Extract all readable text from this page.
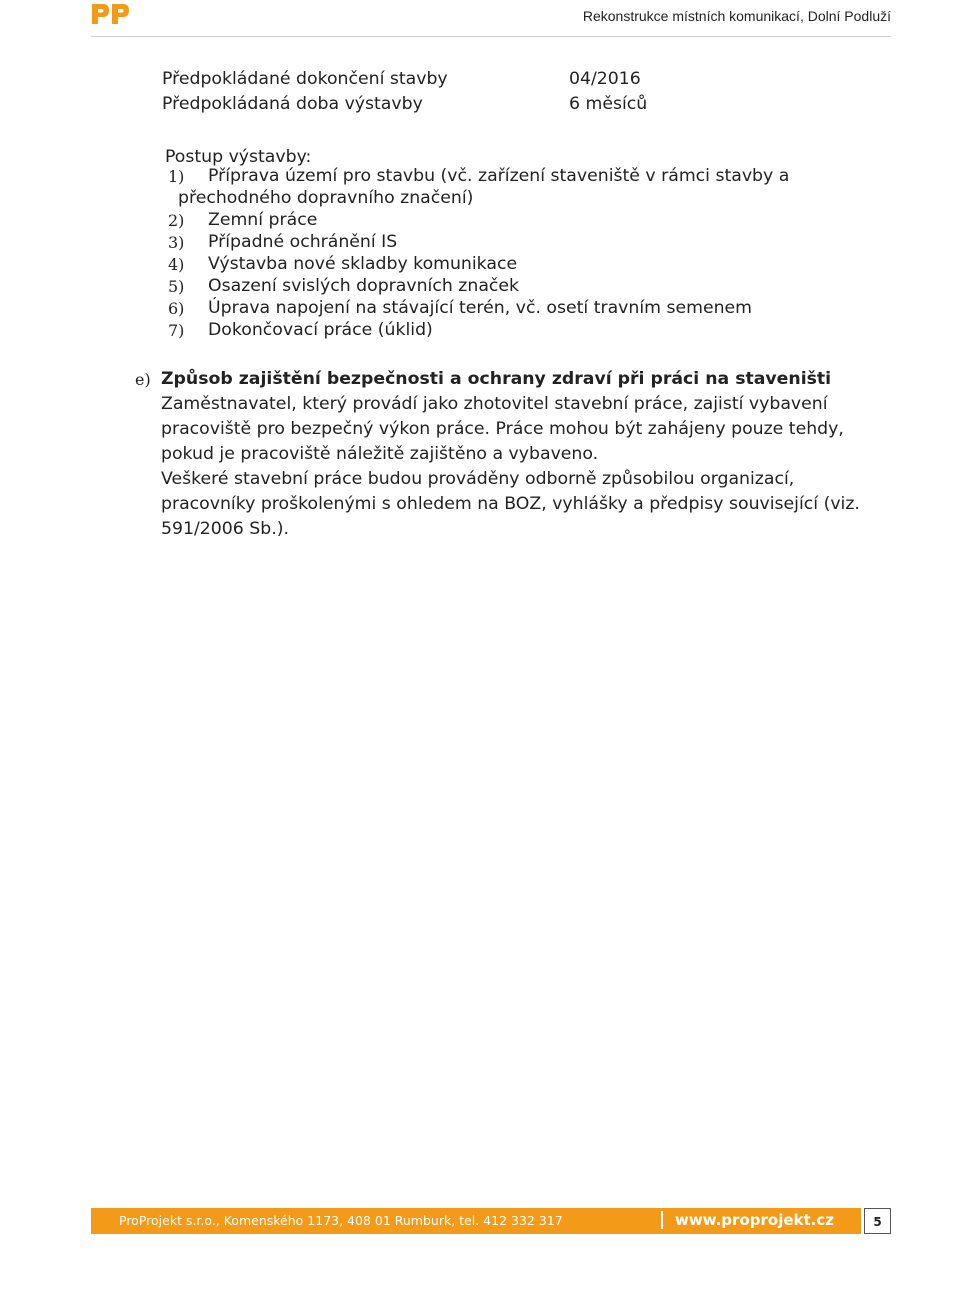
Rekonstrukce místních komunikací, Dolní Podluží
Předpokládané dokončení stavby	04/2016
Předpokládaná doba výstavby	6 měsíců
Postup výstavby:
1) Příprava území pro stavbu (vč. zařízení staveniště v rámci stavby a
přechodného dopravního značení)
2) Zemní práce
3) Případné ochránění IS
4) Výstavba nové skladby komunikace
5) Osazení svislých dopravních značek
6) Úprava napojení na stávající terén, vč. osetí travním semenem
7) Dokončovací práce (úklid)
e) Způsob zajištění bezpečnosti a ochrany zdraví při práci na staveništi
Zaměstnavatel, který provádí jako zhotovitel stavební práce, zajistí vybavení
pracoviště pro bezpečný výkon práce. Práce mohou být zahájeny pouze tehdy,
pokud je pracoviště náležitě zajištěno a vybaveno.
Veškeré stavební práce budou prováděny odborně způsobilou organizací,
pracovníky proškolenými s ohledem na BOZ, vyhlášky a předpisy související (viz.
591/2006 Sb.).
ProProjekt s.r.o., Komenského 1173, 408 01 Rumburk, tel. 412 332 317	www.proprojekt.cz	5
